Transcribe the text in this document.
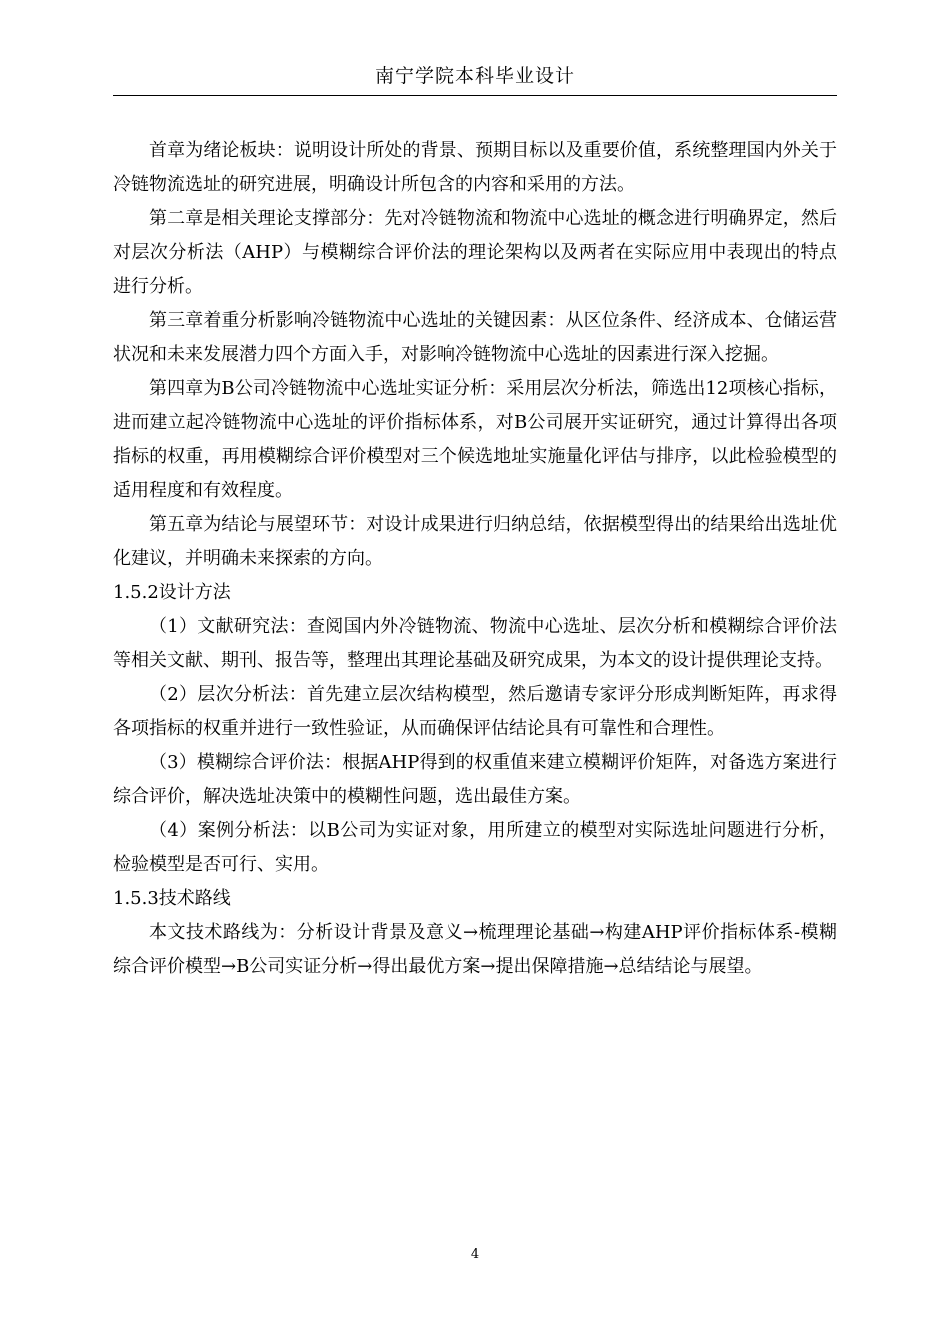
南宁学院本科毕业设计

首章为绪论板块：说明设计所处的背景、预期目标以及重要价值，系统整理国内外关于冷链物流选址的研究进展，明确设计所包含的内容和采用的方法。

第二章是相关理论支撑部分：先对冷链物流和物流中心选址的概念进行明确界定，然后对层次分析法（AHP）与模糊综合评价法的理论架构以及两者在实际应用中表现出的特点进行分析。

第三章着重分析影响冷链物流中心选址的关键因素：从区位条件、经济成本、仓储运营状况和未来发展潜力四个方面入手，对影响冷链物流中心选址的因素进行深入挖掘。

第四章为B公司冷链物流中心选址实证分析：采用层次分析法，筛选出12项核心指标，进而建立起冷链物流中心选址的评价指标体系，对B公司展开实证研究，通过计算得出各项指标的权重，再用模糊综合评价模型对三个候选地址实施量化评估与排序，以此检验模型的适用程度和有效程度。

第五章为结论与展望环节：对设计成果进行归纳总结，依据模型得出的结果给出选址优化建议，并明确未来探索的方向。

1.5.2设计方法

（1）文献研究法：查阅国内外冷链物流、物流中心选址、层次分析和模糊综合评价法等相关文献、期刊、报告等，整理出其理论基础及研究成果，为本文的设计提供理论支持。

（2）层次分析法：首先建立层次结构模型，然后邀请专家评分形成判断矩阵，再求得各项指标的权重并进行一致性验证，从而确保评估结论具有可靠性和合理性。

（3）模糊综合评价法：根据AHP得到的权重值来建立模糊评价矩阵，对备选方案进行综合评价，解决选址决策中的模糊性问题，选出最佳方案。

（4）案例分析法：以B公司为实证对象，用所建立的模型对实际选址问题进行分析，检验模型是否可行、实用。

1.5.3技术路线

本文技术路线为：分析设计背景及意义→梳理理论基础→构建AHP评价指标体系-模糊综合评价模型→B公司实证分析→得出最优方案→提出保障措施→总结结论与展望。

4
